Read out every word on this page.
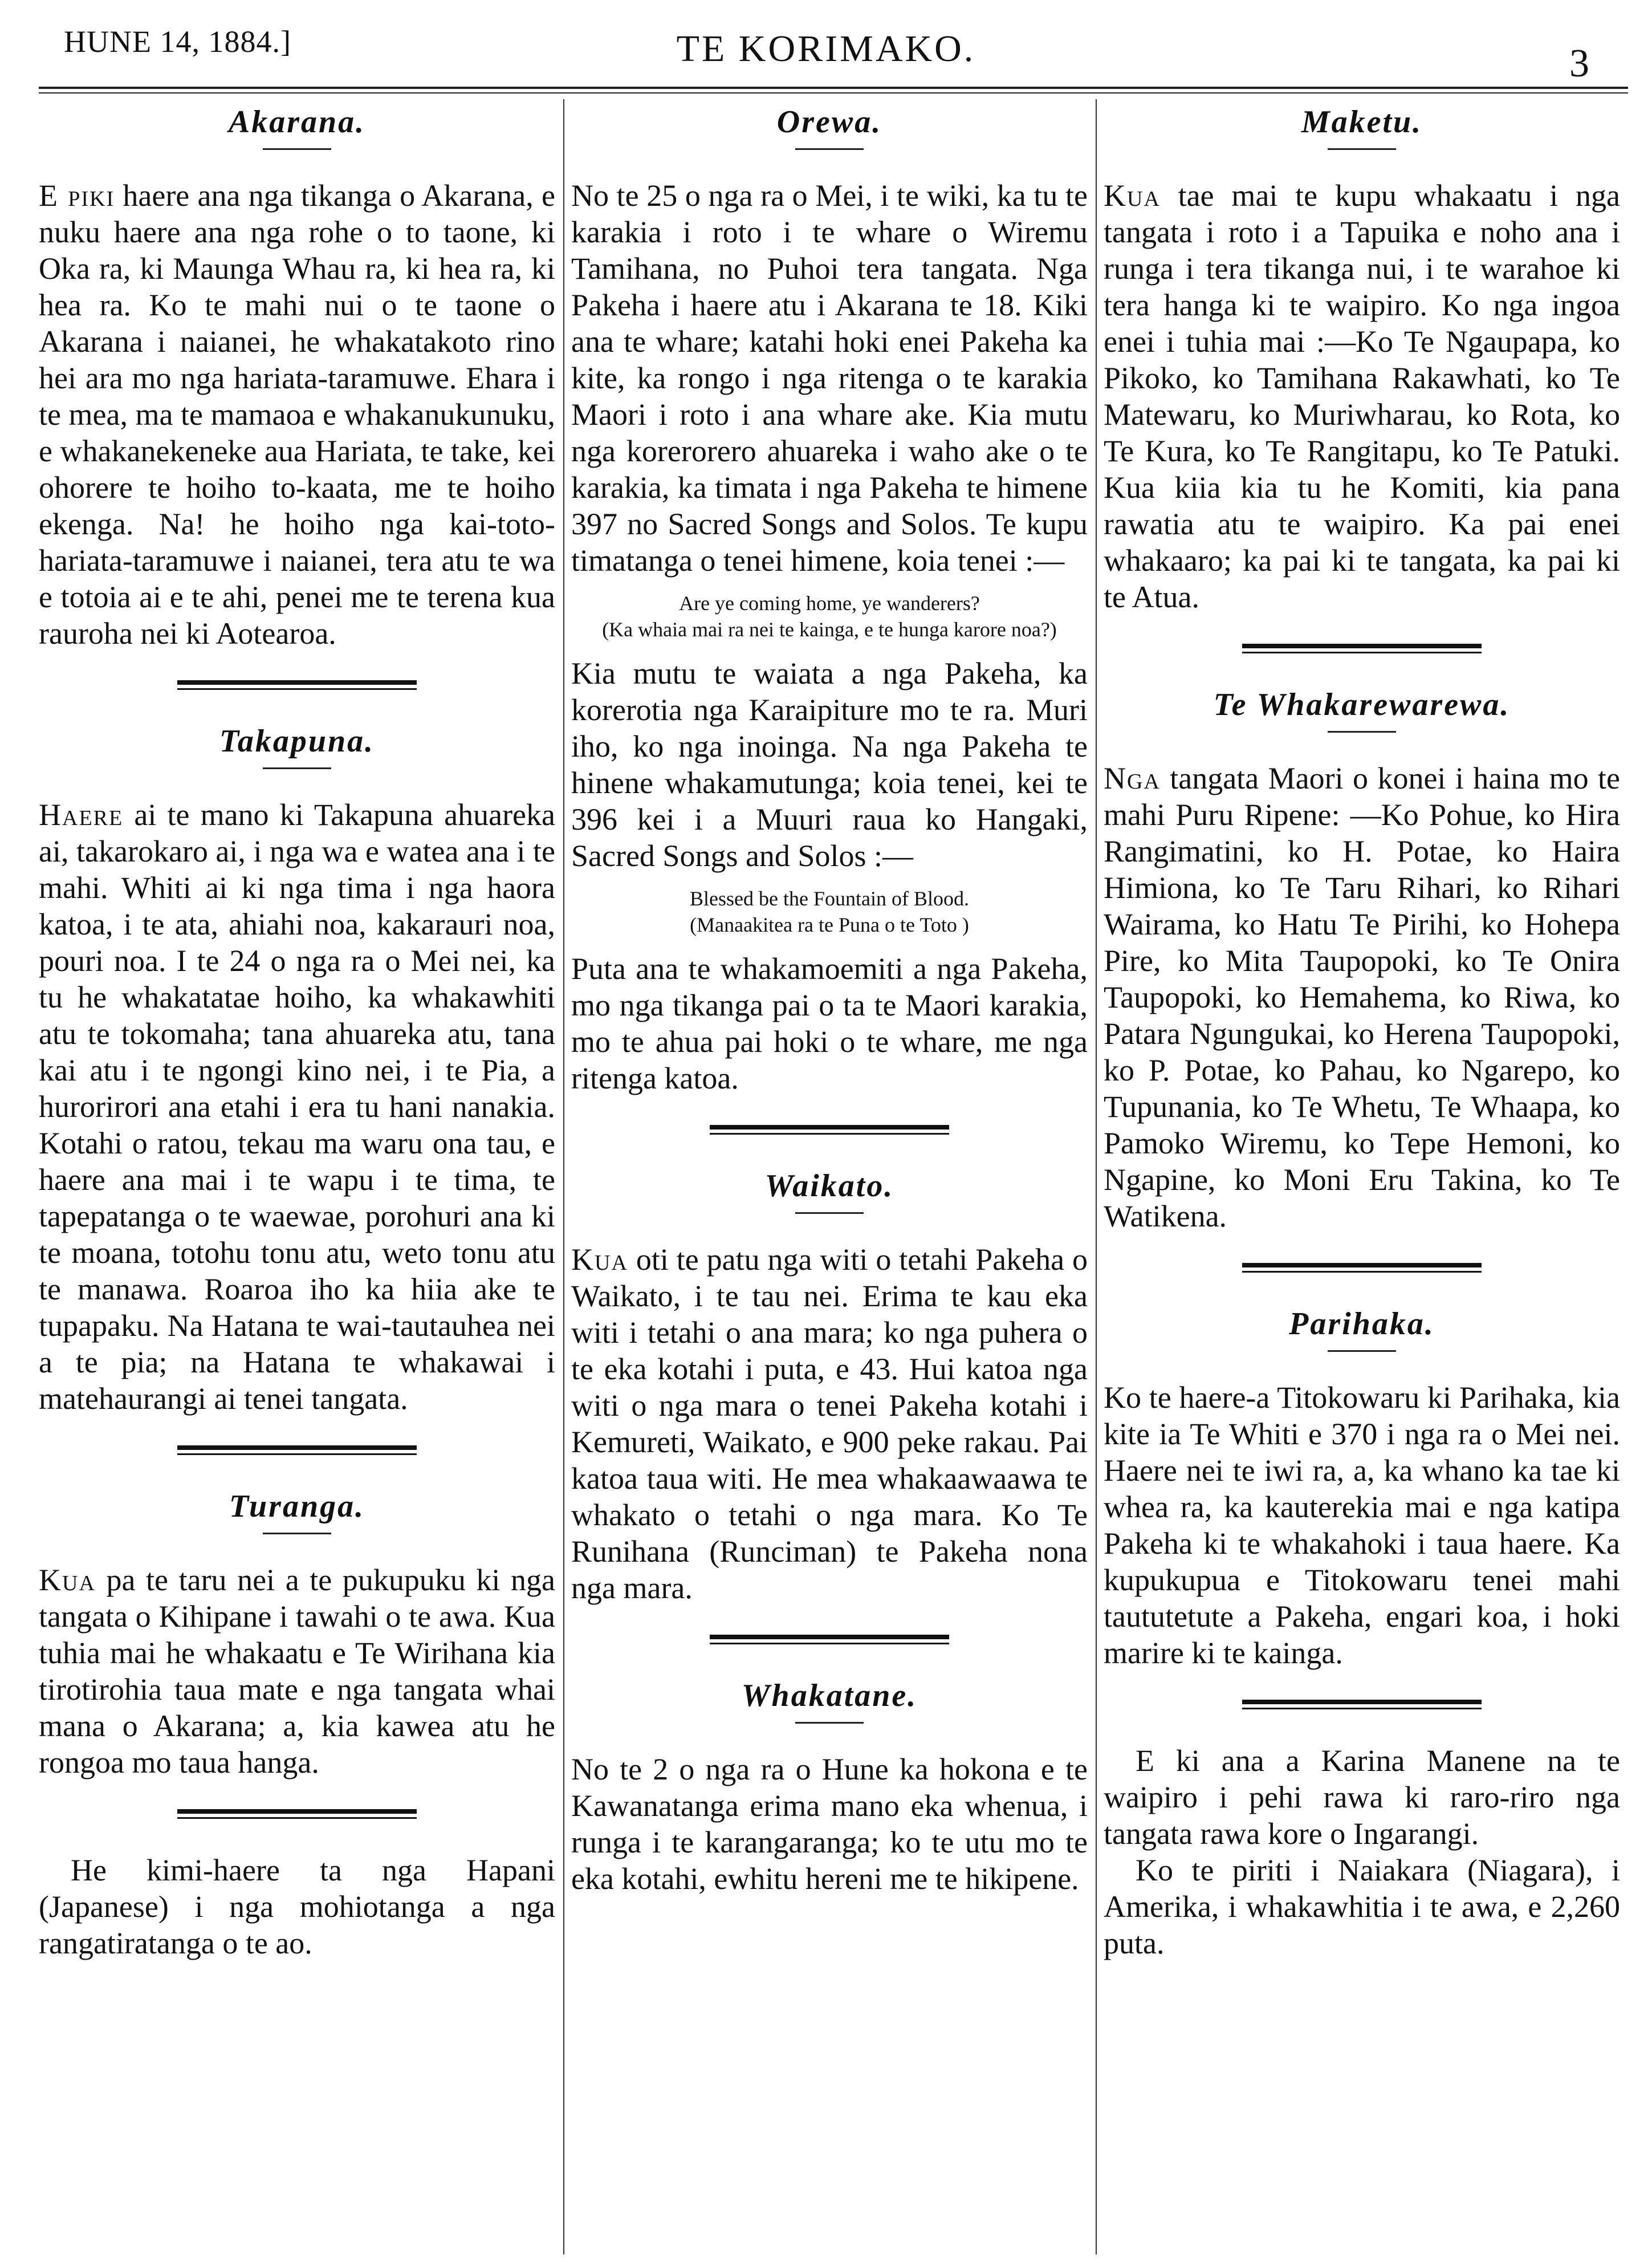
HUNE 14, 1884.]	TE KORIMAKO.	3
Akarana.

E piki haere ana nga tikanga o Akarana, e nuku haere ana nga rohe o to taone, ki Oka ra, ki Maunga Whau ra, ki hea ra, ki hea ra. Ko te mahi nui o te taone o Akarana i naianei, he whakatakoto rino hei ara mo nga hariata-taramuwe. Ehara i te mea, ma te mamaoa e whakanukunuku, e whakanekeneke aua Hariata, te take, kei ohorere te hoiho to-kaata, me te hoiho ekenga. Na! he hoiho nga kai-toto-hariata-taramuwe i naianei, tera atu te wa e totoia ai e te ahi, penei me te terena kua rauroha nei ki Aotearoa.

Takapuna.

Haere ai te mano ki Takapuna ahuareka ai, takarokaro ai, i nga wa e watea ana i te mahi. Whiti ai ki nga tima i nga haora katoa, i te ata, ahiahi noa, kakarauri noa, pouri noa. I te 24 o nga ra o Mei nei, ka tu he whakatatae hoiho, ka whakawhiti atu te tokomaha; tana ahuareka atu, tana kai atu i te ngongi kino nei, i te Pia, a hurorirori ana etahi i era tu hani nanakia. Kotahi o ratou, tekau ma waru ona tau, e haere ana mai i te wapu i te tima, te tapepatanga o te waewae, porohuri ana ki te moana, totohu tonu atu, weto tonu atu te manawa. Roaroa iho ka hiia ake te tupapaku. Na Hatana te wai-tautauhea nei a te pia; na Hatana te whakawai i matehaurangi ai tenei tangata.

Turanga.

Kua pa te taru nei a te pukupuku ki nga tangata o Kihipane i tawahi o te awa. Kua tuhia mai he whakaatu e Te Wirihana kia tirotirohia taua mate e nga tangata whai mana o Akarana; a, kia kawea atu he rongoa mo taua hanga.

He kimi-haere ta nga Hapani (Japanese) i nga mohiotanga a nga rangatiratanga o te ao.

Orewa.

No te 25 o nga ra o Mei, i te wiki, ka tu te karakia i roto i te whare o Wiremu Tamihana, no Puhoi tera tangata. Nga Pakeha i haere atu i Akarana te 18. Kiki ana te whare; katahi hoki enei Pakeha ka kite, ka rongo i nga ritenga o te karakia Maori i roto i ana whare ake. Kia mutu nga korerorero ahuareka i waho ake o te karakia, ka timata i nga Pakeha te himene 397 no Sacred Songs and Solos. Te kupu timatanga o tenei himene, koia tenei :—

Are ye coming home, ye wanderers?
(Ka whaia mai ra nei te kainga, e te hunga karore noa?)

Kia mutu te waiata a nga Pakeha, ka korerotia nga Karaipiture mo te ra. Muri iho, ko nga inoinga. Na nga Pakeha te hinene whakamutunga; koia tenei, kei te 396 kei i a Muuri raua ko Hangaki, Sacred Songs and Solos :—

Blessed be the Fountain of Blood.
(Manaakitea ra te Puna o te Toto )

Puta ana te whakamoemiti a nga Pakeha, mo nga tikanga pai o ta te Maori karakia, mo te ahua pai hoki o te whare, me nga ritenga katoa.

Waikato.

Kua oti te patu nga witi o tetahi Pakeha o Waikato, i te tau nei. Erima te kau eka witi i tetahi o ana mara; ko nga puhera o te eka kotahi i puta, e 43. Hui katoa nga witi o nga mara o tenei Pakeha kotahi i Kemureti, Waikato, e 900 peke rakau. Pai katoa taua witi. He mea whakaawaawa te whakato o tetahi o nga mara. Ko Te Runihana (Runciman) te Pakeha nona nga mara.

Whakatane.

No te 2 o nga ra o Hune ka hokona e te Kawanatanga erima mano eka whenua, i runga i te karangaranga; ko te utu mo te eka kotahi, ewhitu hereni me te hikipene.

Maketu.

Kua tae mai te kupu whakaatu i nga tangata i roto i a Tapuika e noho ana i runga i tera tikanga nui, i te warahoe ki tera hanga ki te waipiro. Ko nga ingoa enei i tuhia mai :—Ko Te Ngaupapa, ko Pikoko, ko Tamihana Rakawhati, ko Te Matewaru, ko Muriwharau, ko Rota, ko Te Kura, ko Te Rangitapu, ko Te Patuki. Kua kiia kia tu he Komiti, kia pana rawatia atu te waipiro. Ka pai enei whakaaro; ka pai ki te tangata, ka pai ki te Atua.

Te Whakarewarewa.

Nga tangata Maori o konei i haina mo te mahi Puru Ripene: —Ko Pohue, ko Hira Rangimatini, ko H. Potae, ko Haira Himiona, ko Te Taru Rihari, ko Rihari Wairama, ko Hatu Te Pirihi, ko Hohepa Pire, ko Mita Taupopoki, ko Te Onira Taupopoki, ko Hemahema, ko Riwa, ko Patara Ngungukai, ko Herena Taupopoki, ko P. Potae, ko Pahau, ko Ngarepo, ko Tupunania, ko Te Whetu, Te Whaapa, ko Pamoko Wiremu, ko Tepe Hemoni, ko Ngapine, ko Moni Eru Takina, ko Te Watikena.

Parihaka.

Ko te haere-a Titokowaru ki Parihaka, kia kite ia Te Whiti e 370 i nga ra o Mei nei. Haere nei te iwi ra, a, ka whano ka tae ki whea ra, ka kauterekia mai e nga katipa Pakeha ki te whakahoki i taua haere. Ka kupukupua e Titokowaru tenei mahi taututetute a Pakeha, engari koa, i hoki marire ki te kainga.

E ki ana a Karina Manene na te waipiro i pehi rawa ki raro-riro nga tangata rawa kore o Ingarangi.

Ko te piriti i Naiakara (Niagara), i Amerika, i whakawhitia i te awa, e 2,260 puta.
